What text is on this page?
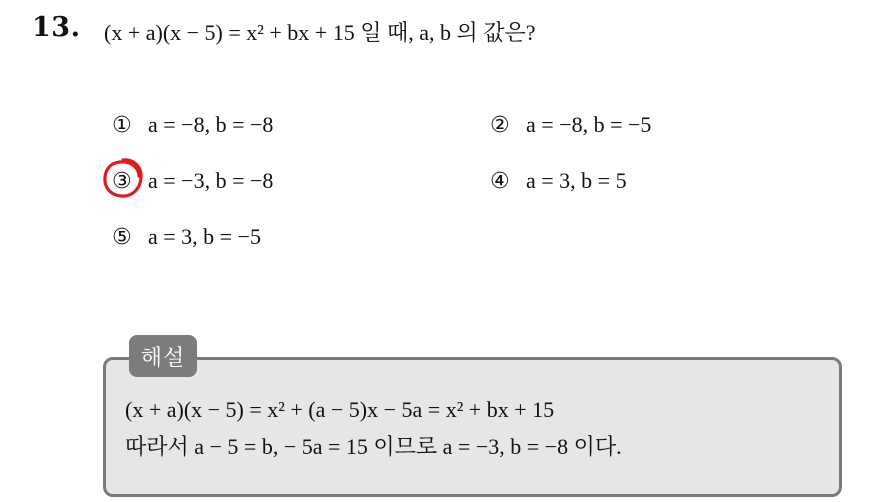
13. (x + a)(x − 5) = x² + bx + 15 일 때, a, b 의 값은?
① a = −8, b = −8	② a = −8, b = −5
③ a = −3, b = −8	④ a = 3, b = 5
⑤ a = 3, b = −5
해설
(x + a)(x − 5) = x² + (a − 5)x − 5a = x² + bx + 15
따라서 a − 5 = b, − 5a = 15 이므로 a = −3, b = −8 이다.
